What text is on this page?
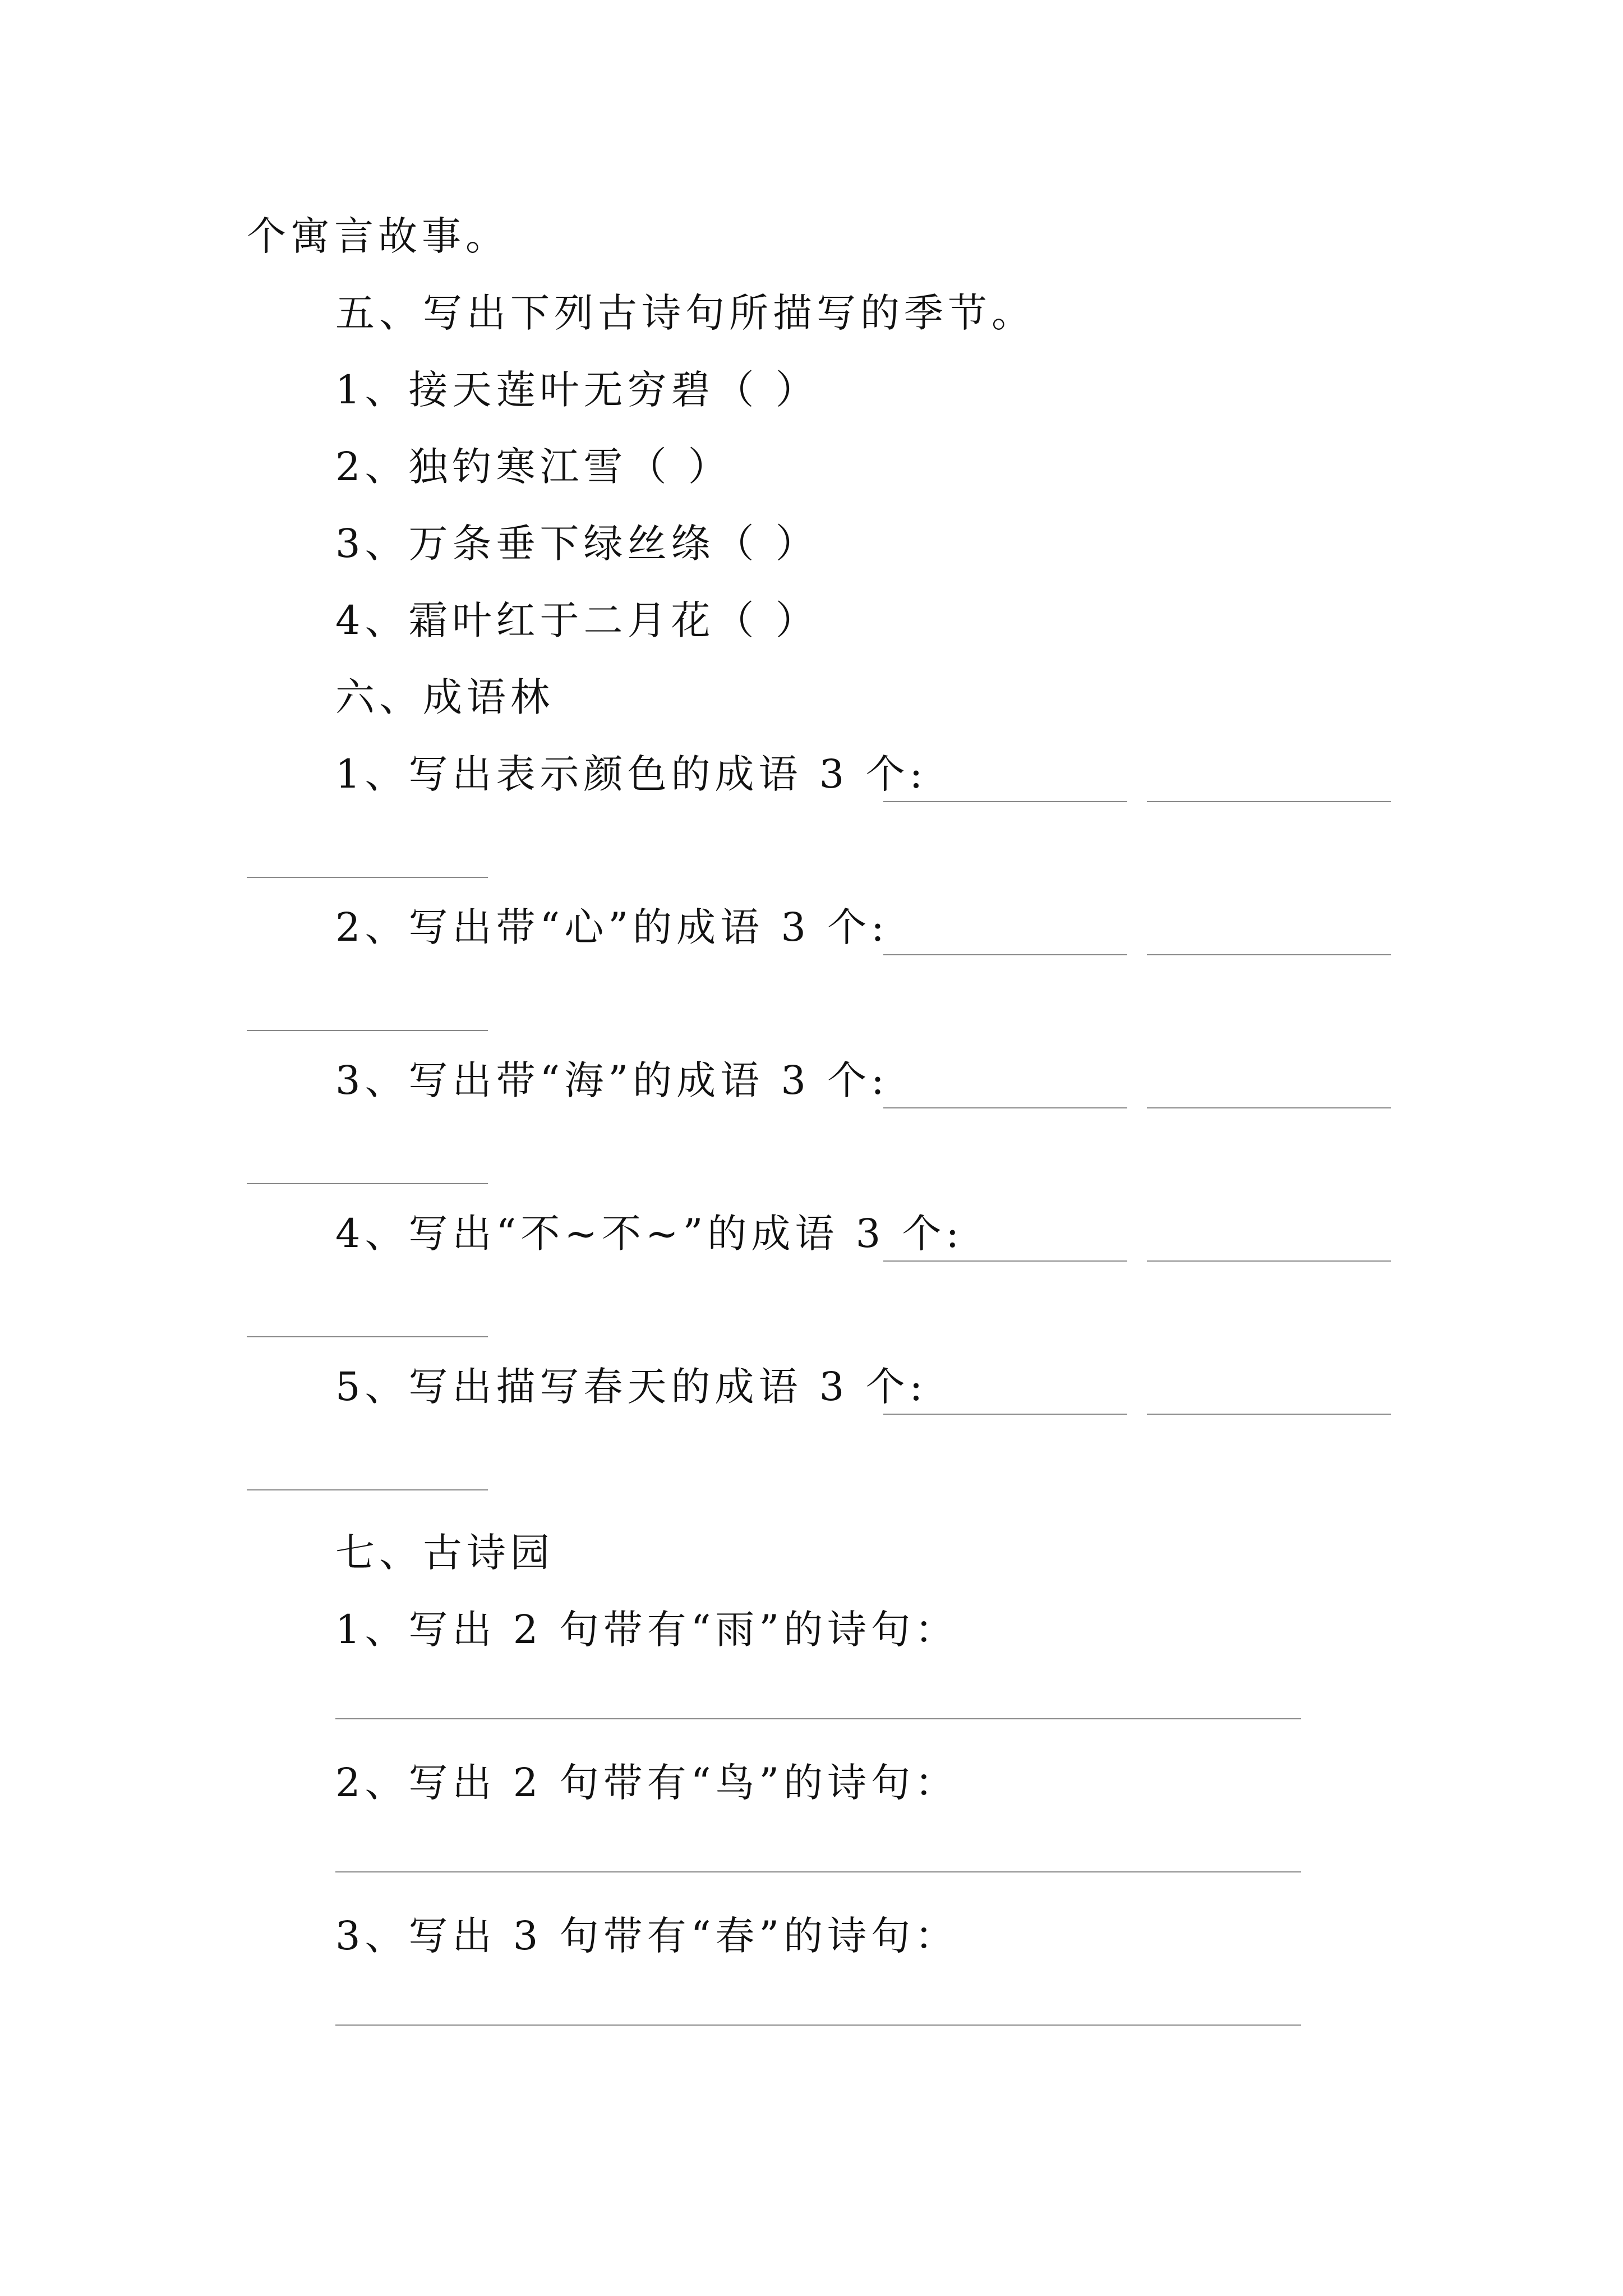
个寓言故事。
五、写出下列古诗句所描写的季节。
1、接天莲叶无穷碧（ ）
2、独钓寒江雪（ ）
3、万条垂下绿丝绦（ ）
4、霜叶红于二月花（ ）
六、成语林
1、写出表示颜色的成语 3 个:
2、写出带“心”的成语 3 个:
3、写出带“海”的成语 3 个:
4、写出“不~不~”的成语 3 个:
5、写出描写春天的成语 3 个:
七、古诗园
1、写出 2 句带有“雨”的诗句：
2、写出 2 句带有“鸟”的诗句：
3、写出 3 句带有“春”的诗句：
